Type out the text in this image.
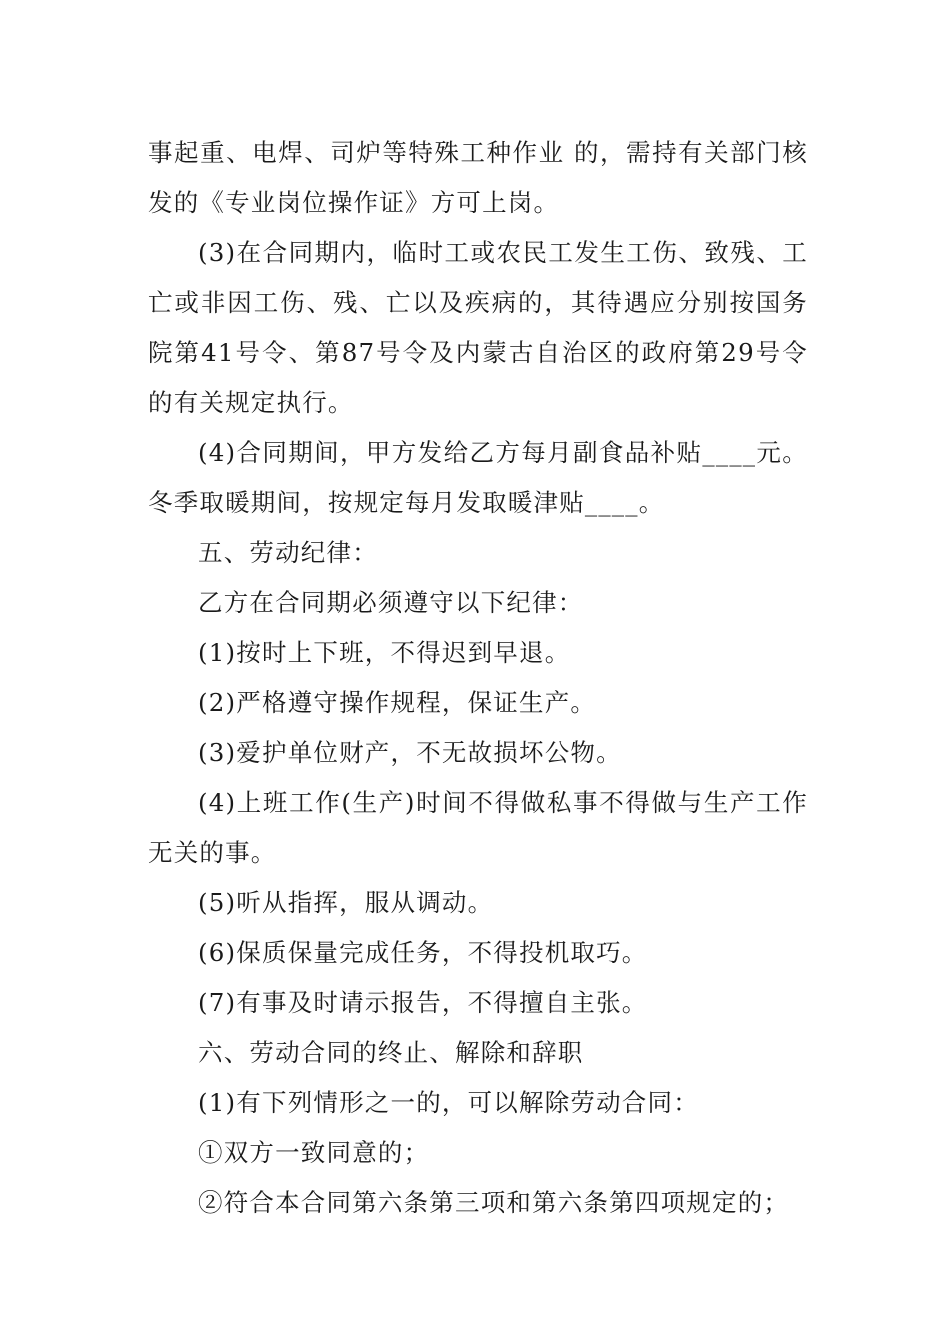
事起重、电焊、司炉等特殊工种作业 的，需持有关部门核发的《专业岗位操作证》方可上岗。

(3)在合同期内，临时工或农民工发生工伤、致残、工亡或非因工伤、残、亡以及疾病的，其待遇应分别按国务院第41号令、第87号令及内蒙古自治区的政府第29号令的有关规定执行。

(4)合同期间，甲方发给乙方每月副食品补贴____元。冬季取暖期间，按规定每月发取暖津贴____。

五、劳动纪律：

乙方在合同期必须遵守以下纪律：

(1)按时上下班，不得迟到早退。

(2)严格遵守操作规程，保证生产。

(3)爱护单位财产，不无故损坏公物。

(4)上班工作(生产)时间不得做私事不得做与生产工作无关的事。

(5)听从指挥，服从调动。

(6)保质保量完成任务，不得投机取巧。

(7)有事及时请示报告，不得擅自主张。

六、劳动合同的终止、解除和辞职

(1)有下列情形之一的，可以解除劳动合同：

①双方一致同意的；

②符合本合同第六条第三项和第六条第四项规定的；
